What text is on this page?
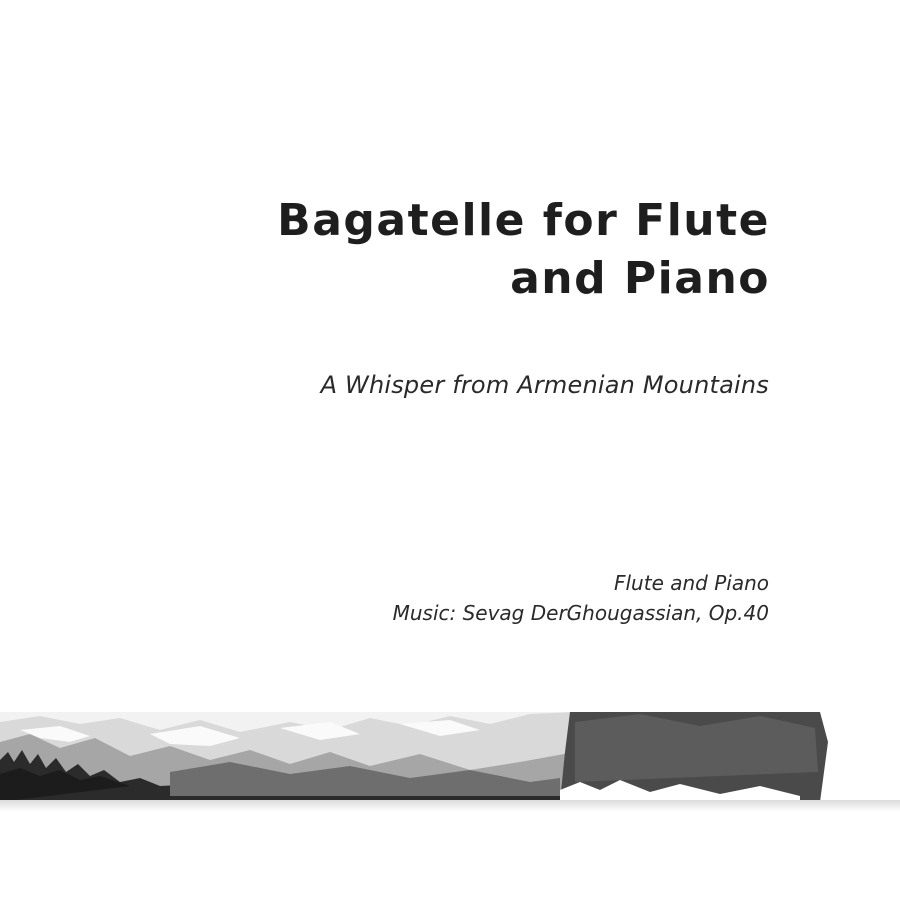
Bagatelle for Flute
and Piano
A Whisper from Armenian Mountains
Flute and Piano
Music: Sevag DerGhougassian, Op.40
